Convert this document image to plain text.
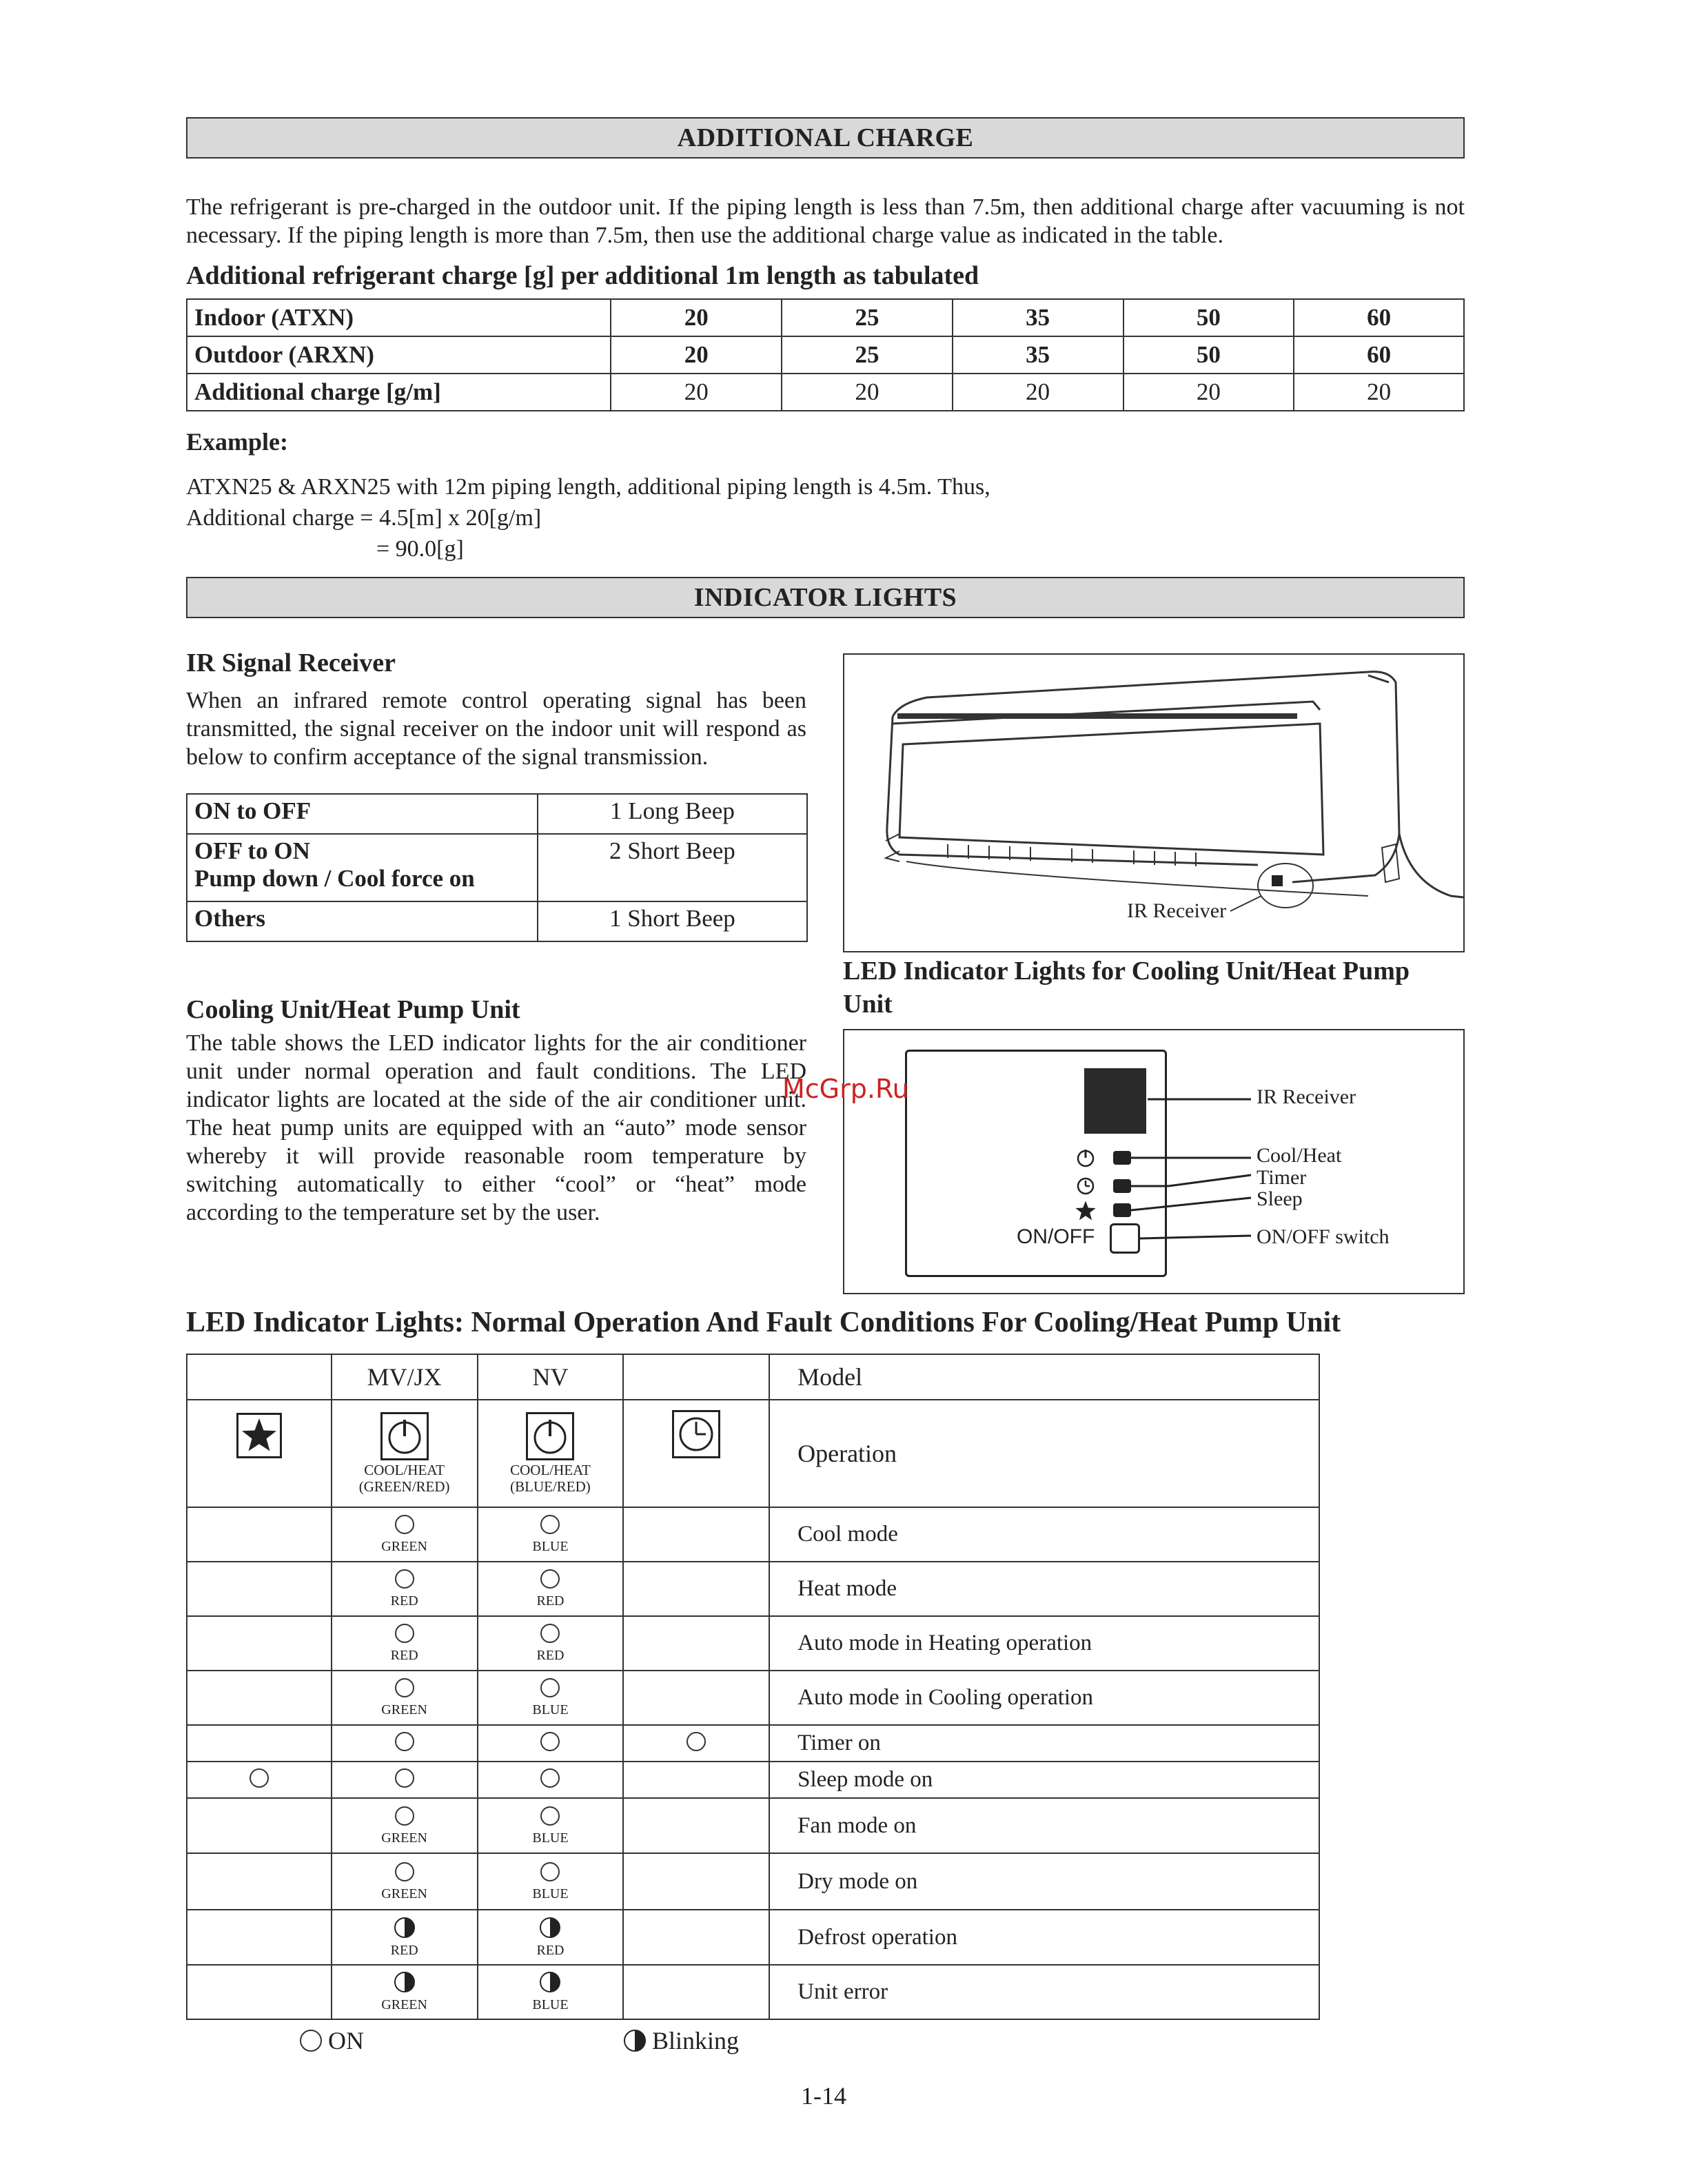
ADDITIONAL CHARGE
The refrigerant is pre-charged in the outdoor unit. If the piping length is less than 7.5m, then additional charge after vacuuming is not necessary. If the piping length is more than 7.5m, then use the additional charge value as indicated in the table.
Additional refrigerant charge [g] per additional 1m length as tabulated
Indoor (ATXN)	20	25	35	50	60
Outdoor (ARXN)	20	25	35	50	60
Additional charge [g/m]	20	20	20	20	20
Example:
ATXN25 & ARXN25 with 12m piping length, additional piping length is 4.5m. Thus,
Additional charge = 4.5[m] x 20[g/m]
= 90.0[g]
INDICATOR LIGHTS
IR Signal Receiver
When an infrared remote control operating signal has been transmitted, the signal receiver on the indoor unit will respond as below to confirm acceptance of the signal transmission.
ON to OFF	1 Long Beep

OFF to ON
Pump down / Cool force on	2 Short Beep
Others	1 Short Beep	IR Receiver
LED Indicator Lights for Cooling Unit/Heat Pump Unit
Cooling Unit/Heat Pump Unit
The table shows the LED indicator lights for the air conditioner unit under normal operation and fault conditions. The LED indicator lights are located at the side of the air conditioner unit. The heat pump units are equipped with an “auto” mode sensor whereby it will provide reasonable room temperature by switching automatically to either “cool” or “heat” mode according to the temperature set by the user.
ON/OFF
IR Receiver
Cool/Heat
Timer
Sleep
ON/OFF switch
McGrp.Ru
LED Indicator Lights: Normal Operation And Fault Conditions For Cooling/Heat Pump Unit
	MV/JX	NV		Model

COOL/HEAT
(GREEN/RED)	COOL/HEAT
(BLUE/RED)		Operation

	GREEN	BLUE		Cool mode

	RED	RED		Heat mode

	RED	RED		Auto mode in Heating operation

	GREEN	BLUE		Auto mode in Cooling operation
				Timer on
				Sleep mode on

	GREEN	BLUE		Fan mode on

	GREEN	BLUE		Dry mode on

	RED	RED		Defrost operation

	GREEN	BLUE		Unit error
ON	Blinking
1-14
